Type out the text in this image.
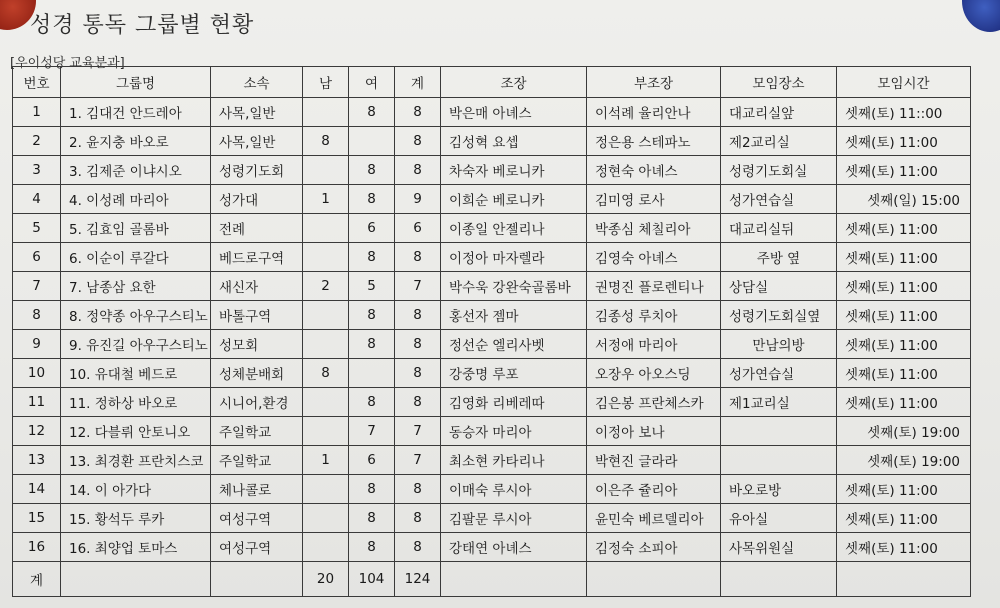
성경 통독 그룹별 현황
[우이성당 교육분과]
번호	그룹명	소속	남	여	계	조장	부조장	모임장소	모임시간
1	1. 김대건 안드레아	사목,일반		8	8	박은매 아녜스	이석례 율리안나	대교리실앞	셋째(토) 11::00
2	2. 윤지충 바오로	사목,일반	8		8	김성혁 요셉	정은용 스테파노	제2교리실	셋째(토) 11:00
3	3. 김제준 이냐시오	성령기도회		8	8	차숙자 베로니카	정현숙 아녜스	성령기도회실	셋째(토) 11:00
4	4. 이성례 마리아	성가대	1	8	9	이희순 베로니카	김미영 로사	성가연습실	셋째(일) 15:00
5	5. 김효임 골롬바	전례		6	6	이종일 안젤리나	박종심 체칠리아	대교리실뒤	셋째(토) 11:00
6	6. 이순이 루갈다	베드로구역		8	8	이정아 마자렐라	김영숙 아녜스	주방 옆	셋째(토) 11:00
7	7. 남종삼 요한	새신자	2	5	7	박수욱 강완숙골롬바	권명진 플로렌티나	상담실	셋째(토) 11:00
8	8. 정약종 아우구스티노	바톨구역		8	8	홍선자 젬마	김종성 루치아	성령기도회실옆	셋째(토) 11:00
9	9. 유진길 아우구스티노	성모회		8	8	정선순 엘리사벳	서정애 마리아	만남의방	셋째(토) 11:00
10	10. 유대철 베드로	성체분배회	8		8	강중명 루포	오장우 아오스딩	성가연습실	셋째(토) 11:00
11	11. 정하상 바오로	시니어,환경		8	8	김영화 리베레따	김은봉 프란체스카	제1교리실	셋째(토) 11:00
12	12. 다블뤼 안토니오	주일학교		7	7	동승자 마리아	이정아 보나		셋째(토) 19:00
13	13. 최경환 프란치스코	주일학교	1	6	7	최소현 카타리나	박현진 글라라		셋째(토) 19:00
14	14. 이 아가다	체나콜로		8	8	이매숙 루시아	이은주 쥴리아	바오로방	셋째(토) 11:00
15	15. 황석두 루카	여성구역		8	8	김팔문 루시아	윤민숙 베르델리아	유아실	셋째(토) 11:00
16	16. 최양업 토마스	여성구역		8	8	강태연 아녜스	김정숙 소피아	사목위원실	셋째(토) 11:00
계			20	104	124				
